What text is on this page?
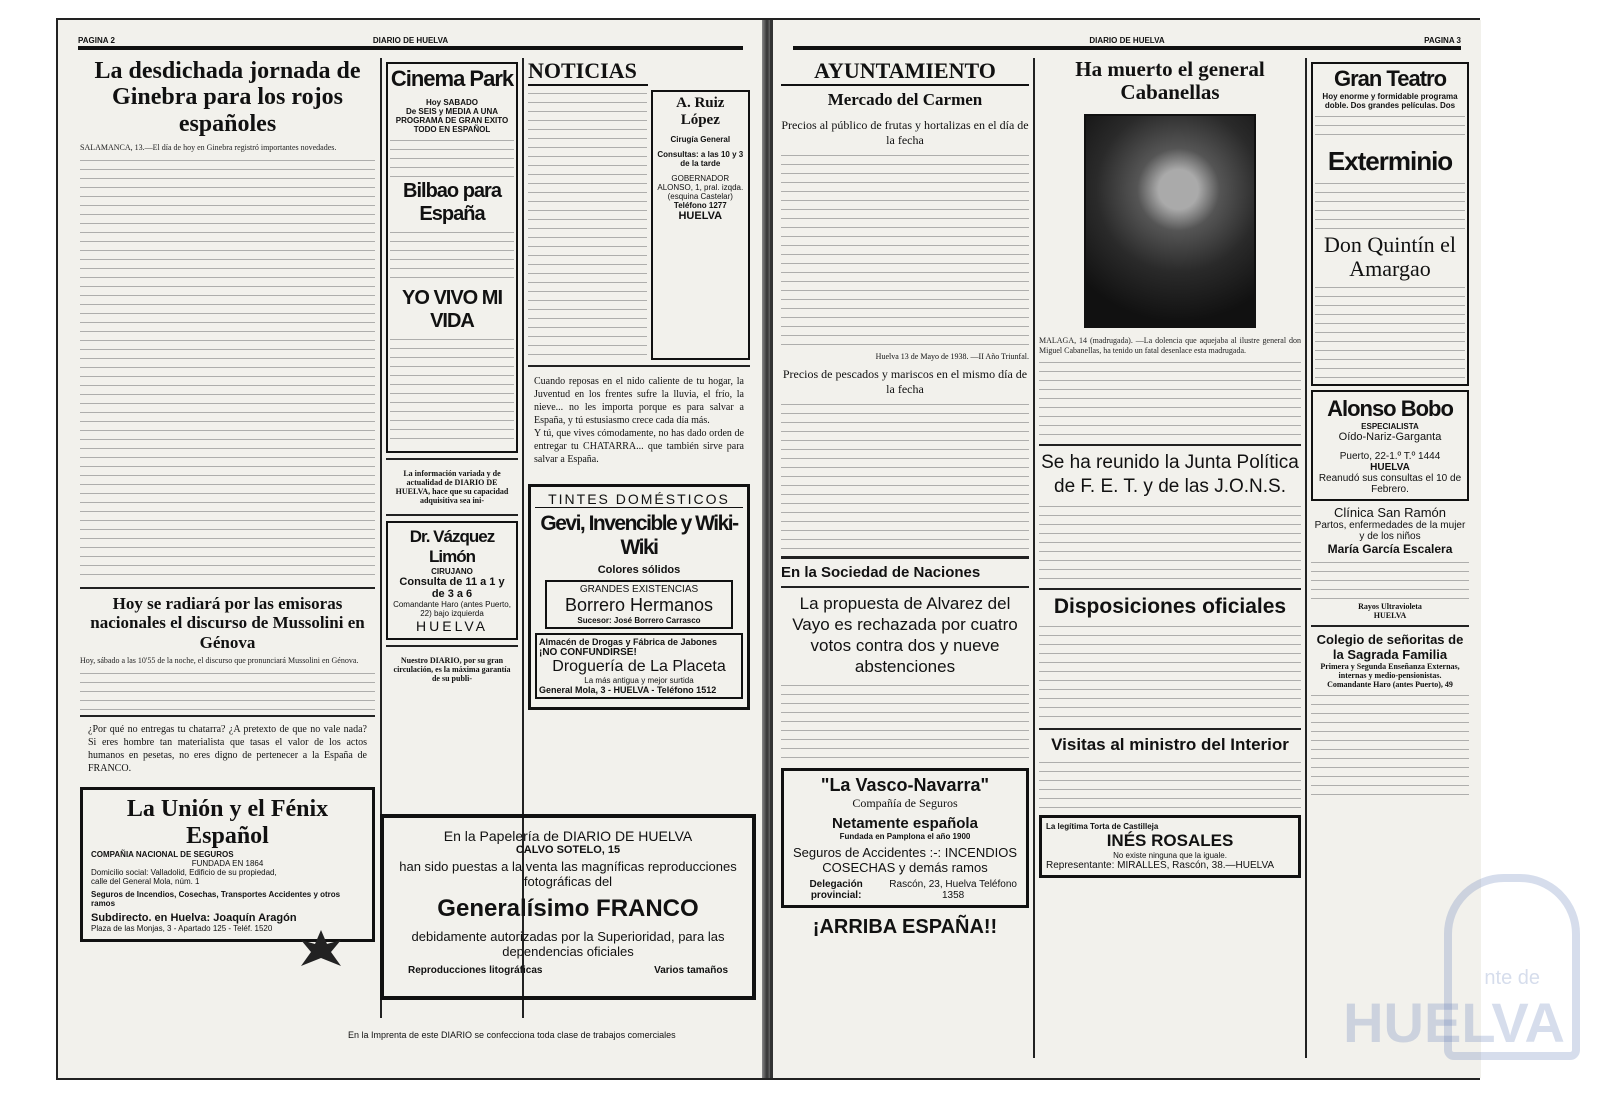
PAGINA 2	DIARIO DE HUELVA
La desdichada jornada de Ginebra para los rojos españoles

SALAMANCA, 13.—El día de hoy en Ginebra registró importantes novedades.

Hoy se radiará por las emisoras nacionales el discurso de Mussolini en Génova

Hoy, sábado a las 10'55 de la noche, el discurso que pronunciará Mussolini en Génova.

¿Por qué no entregas tu chatarra? ¿A pretexto de que no vale nada? Si eres hombre tan materialista que tasas el valor de los actos humanos en pesetas, no eres digno de pertenecer a la España de FRANCO.
La Unión y el Fénix Español
COMPAÑIA NACIONAL DE SEGUROS
FUNDADA EN 1864
Domicilio social: Valladolid, Edificio de su propiedad, calle del General Mola, núm. 1
Seguros de Incendios, Cosechas, Transportes Accidentes y otros ramos
Subdirecto. en Huelva: Joaquín Aragón
Plaza de las Monjas, 3 - Apartado 125 - Teléf. 1520
Cinema Park
Hoy SABADO
De SEIS y MEDIA A UNA
PROGRAMA DE GRAN EXITO TODO EN ESPAÑOL
Bilbao para España
YO VIVO MI VIDA
La información variada y de actualidad de DIARIO DE HUELVA, hace que su capacidad adquisitiva sea ini-
Dr. Vázquez Limón
CIRUJANO
Consulta de 11 a 1 y de 3 a 6
Comandante Haro (antes Puerto, 22) bajo izquierda
HUELVA
Nuestro DIARIO, por su gran circulación, es la máxima garantía de su publi-
NOTICIAS
A. Ruiz López
Cirugía General
Consultas: a las 10 y 3 de la tarde
GOBERNADOR ALONSO, 1, pral. izqda. (esquina Castelar)
Teléfono 1277
HUELVA
Cuando reposas en el nido caliente de tu hogar, la Juventud en los frentes sufre la lluvia, el frío, la nieve... no les importa porque es para salvar a España, y tú estusiasmo crece cada día más.
Y tú, que vives cómodamente, no has dado orden de entregar tu CHATARRA... que también sirve para salvar a España.
TINTES DOMÉSTICOS
Gevi, Invencible y Wiki-Wiki
Colores sólidos
GRANDES EXISTENCIAS
Borrero Hermanos
Sucesor: José Borrero Carrasco
Almacén de Drogas y Fábrica de Jabones
¡NO CONFUNDIRSE!
Droguería de La Placeta
La más antigua y mejor surtida
General Mola, 3 - HUELVA - Teléfono 1512
En la Papelería de DIARIO DE HUELVA
CALVO SOTELO, 15
han sido puestas a la venta las magníficas reproducciones fotográficas del
Generalísimo FRANCO
debidamente autorizadas por la Superioridad, para las dependencias oficiales
Reproducciones litográficas	Varios tamaños
En la Imprenta de este DIARIO se confecciona toda clase de trabajos comerciales
DIARIO DE HUELVA	PAGINA 3
AYUNTAMIENTO
Mercado del Carmen
Precios al público de frutas y hortalizas en el día de la fecha
Huelva 13 de Mayo de 1938. —II Año Triunfal.
Precios de pescados y mariscos en el mismo día de la fecha
En la Sociedad de Naciones
La propuesta de Alvarez del Vayo es rechazada por cuatro votos contra dos y nueve abstenciones
"La Vasco-Navarra"
Compañía de Seguros
Netamente española
Fundada en Pamplona el año 1900
Seguros de Accidentes :-: INCENDIOS
COSECHAS y demás ramos
Delegación provincial:
Rascón, 23, Huelva Teléfono 1358
¡ARRIBA ESPAÑA!!
Ha muerto el general Cabanellas

MALAGA, 14 (madrugada). —La dolencia que aquejaba al ilustre general don Miguel Cabanellas, ha tenido un fatal desenlace esta madrugada.

Se ha reunido la Junta Política de F. E. T. y de las J.O.N.S.
Disposiciones oficiales
Visitas al ministro del Interior
La legítima Torta de Castilleja
INÉS ROSALES
No existe ninguna que la iguale.
Representante: MIRALLES, Rascón, 38.—HUELVA
Gran Teatro
Hoy enorme y formidable programa doble. Dos grandes películas. Dos
Exterminio
Don Quintín el Amargao
Alonso Bobo
ESPECIALISTA
Oído-Nariz-Garganta
Puerto, 22-1.º T.º 1444
HUELVA
Reanudó sus consultas el 10 de Febrero.
Clínica San Ramón
Partos, enfermedades de la mujer y de los niños
María García Escalera
Rayos Ultravioleta
HUELVA
Colegio de señoritas de la Sagrada Familia
Primera y Segunda Enseñanza Externas, internas y medio-pensionistas.
Comandante Haro (antes Puerto), 49
nte de
HUELVA
